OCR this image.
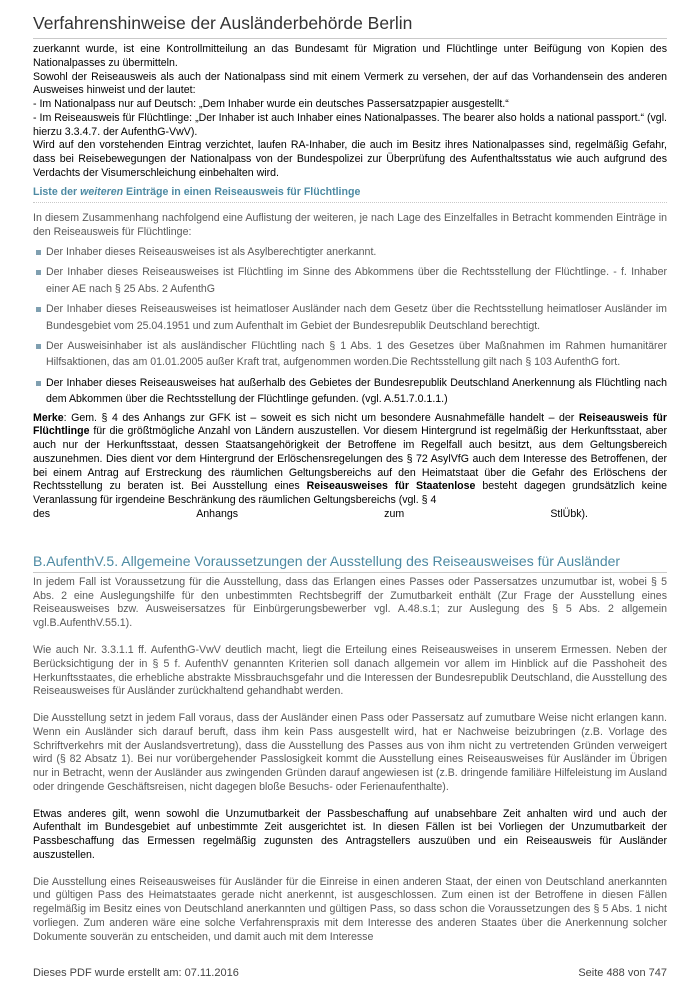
Verfahrenshinweise der Ausländerbehörde Berlin

zuerkannt wurde, ist eine Kontrollmitteilung an das Bundesamt für Migration und Flüchtlinge unter Beifügung von Kopien des Nationalpasses zu übermitteln.

Sowohl der Reiseausweis als auch der Nationalpass sind mit einem Vermerk zu versehen, der auf das Vorhandensein des anderen Ausweises hinweist und der lautet:

- Im Nationalpass nur auf Deutsch: „Dem Inhaber wurde ein deutsches Passersatzpapier ausgestellt.“

- Im Reiseausweis für Flüchtlinge: „Der Inhaber ist auch Inhaber eines Nationalpasses. The bearer also holds a national passport.“ (vgl. hierzu 3.3.4.7. der AufenthG-VwV).

Wird auf den vorstehenden Eintrag verzichtet, laufen RA-Inhaber, die auch im Besitz ihres Nationalpasses sind, regelmäßig Gefahr, dass bei Reisebewegungen der Nationalpass von der Bundespolizei zur Überprüfung des Aufenthaltsstatus wie auch aufgrund des Verdachts der Visumerschleichung einbehalten wird.

Liste der weiteren Einträge in einen Reiseausweis für Flüchtlinge

In diesem Zusammenhang nachfolgend eine Auflistung der weiteren, je nach Lage des Einzelfalles in Betracht kommenden Einträge in den Reiseausweis für Flüchtlinge:

Der Inhaber dieses Reiseausweises ist als Asylberechtigter anerkannt.
Der Inhaber dieses Reiseausweises ist Flüchtling im Sinne des Abkommens über die Rechtsstellung der Flüchtlinge. - f. Inhaber einer AE nach § 25 Abs. 2 AufenthG
Der Inhaber dieses Reiseausweises ist heimatloser Ausländer nach dem Gesetz über die Rechtsstellung heimatloser Ausländer im Bundesgebiet vom 25.04.1951 und zum Aufenthalt im Gebiet der Bundesrepublik Deutschland berechtigt.
Der Ausweisinhaber ist als ausländischer Flüchtling nach § 1 Abs. 1 des Gesetzes über Maßnahmen im Rahmen humanitärer Hilfsaktionen, das am 01.01.2005 außer Kraft trat, aufgenommen worden.Die Rechtsstellung gilt nach § 103 AufenthG fort.
Der Inhaber dieses Reiseausweises hat außerhalb des Gebietes der Bundesrepublik Deutschland Anerkennung als Flüchtling nach dem Abkommen über die Rechtsstellung der Flüchtlinge gefunden. (vgl. A.51.7.0.1.1.)

Merke: Gem. § 4 des Anhangs zur GFK ist – soweit es sich nicht um besondere Ausnahmefälle handelt – der Reiseausweis für Flüchtlinge für die größtmögliche Anzahl von Ländern auszustellen. Vor diesem Hintergrund ist regelmäßig der Herkunftsstaat, aber auch nur der Herkunftsstaat, dessen Staatsangehörigkeit der Betroffene im Regelfall auch besitzt, aus dem Geltungsbereich auszunehmen. Dies dient vor dem Hintergrund der Erlöschensregelungen des § 72 AsylVfG auch dem Interesse des Betroffenen, der bei einem Antrag auf Erstreckung des räumlichen Geltungsbereichs auf den Heimatstaat über die Gefahr des Erlöschens der Rechtsstellung zu beraten ist. Bei Ausstellung eines Reiseausweises für Staatenlose besteht dagegen grundsätzlich keine Veranlassung für irgendeine Beschränkung des räumlichen Geltungsbereichs (vgl. § 4

des	Anhangs	zum	StlÜbk).

B.AufenthV.5. Allgemeine Voraussetzungen der Ausstellung des Reiseausweises für Ausländer

In jedem Fall ist Voraussetzung für die Ausstellung, dass das Erlangen eines Passes oder Passersatzes unzumutbar ist, wobei § 5 Abs. 2 eine Auslegungshilfe für den unbestimmten Rechtsbegriff der Zumutbarkeit enthält (Zur Frage der Ausstellung eines Reiseausweises bzw. Ausweisersatzes für Einbürgerungsbewerber vgl. A.48.s.1; zur Auslegung des § 5 Abs. 2 allgemein vgl.B.AufenthV.55.1).

Wie auch Nr. 3.3.1.1 ff. AufenthG-VwV deutlich macht, liegt die Erteilung eines Reiseausweises in unserem Ermessen. Neben der Berücksichtigung der in § 5 f. AufenthV genannten Kriterien soll danach allgemein vor allem im Hinblick auf die Passhoheit des Herkunftsstaates, die erhebliche abstrakte Missbrauchsgefahr und die Interessen der Bundesrepublik Deutschland, die Ausstellung des Reiseausweises für Ausländer zurückhaltend gehandhabt werden.

Die Ausstellung setzt in jedem Fall voraus, dass der Ausländer einen Pass oder Passersatz auf zumutbare Weise nicht erlangen kann. Wenn ein Ausländer sich darauf beruft, dass ihm kein Pass ausgestellt wird, hat er Nachweise beizubringen (z.B. Vorlage des Schriftverkehrs mit der Auslandsvertretung), dass die Ausstellung des Passes aus von ihm nicht zu vertretenden Gründen verweigert wird (§ 82 Absatz 1). Bei nur vorübergehender Passlosigkeit kommt die Ausstellung eines Reiseausweises für Ausländer im Übrigen nur in Betracht, wenn der Ausländer aus zwingenden Gründen darauf angewiesen ist (z.B. dringende familiäre Hilfeleistung im Ausland oder dringende Geschäftsreisen, nicht dagegen bloße Besuchs- oder Ferienaufenthalte).

Etwas anderes gilt, wenn sowohl die Unzumutbarkeit der Passbeschaffung auf unabsehbare Zeit anhalten wird und auch der Aufenthalt im Bundesgebiet auf unbestimmte Zeit ausgerichtet ist. In diesen Fällen ist bei Vorliegen der Unzumutbarkeit der Passbeschaffung das Ermessen regelmäßig zugunsten des Antragstellers auszuüben und ein Reiseausweis für Ausländer auszustellen.

Die Ausstellung eines Reiseausweises für Ausländer für die Einreise in einen anderen Staat, der einen von Deutschland anerkannten und gültigen Pass des Heimatstaates gerade nicht anerkennt, ist ausgeschlossen. Zum einen ist der Betroffene in diesen Fällen regelmäßig im Besitz eines von Deutschland anerkannten und gültigen Pass, so dass schon die Voraussetzungen des § 5 Abs. 1 nicht vorliegen. Zum anderen wäre eine solche Verfahrenspraxis mit dem Interesse des anderen Staates über die Anerkennung solcher Dokumente souverän zu entscheiden, und damit auch mit dem Interesse

Dieses PDF wurde erstellt am: 07.11.2016	Seite 488 von 747
